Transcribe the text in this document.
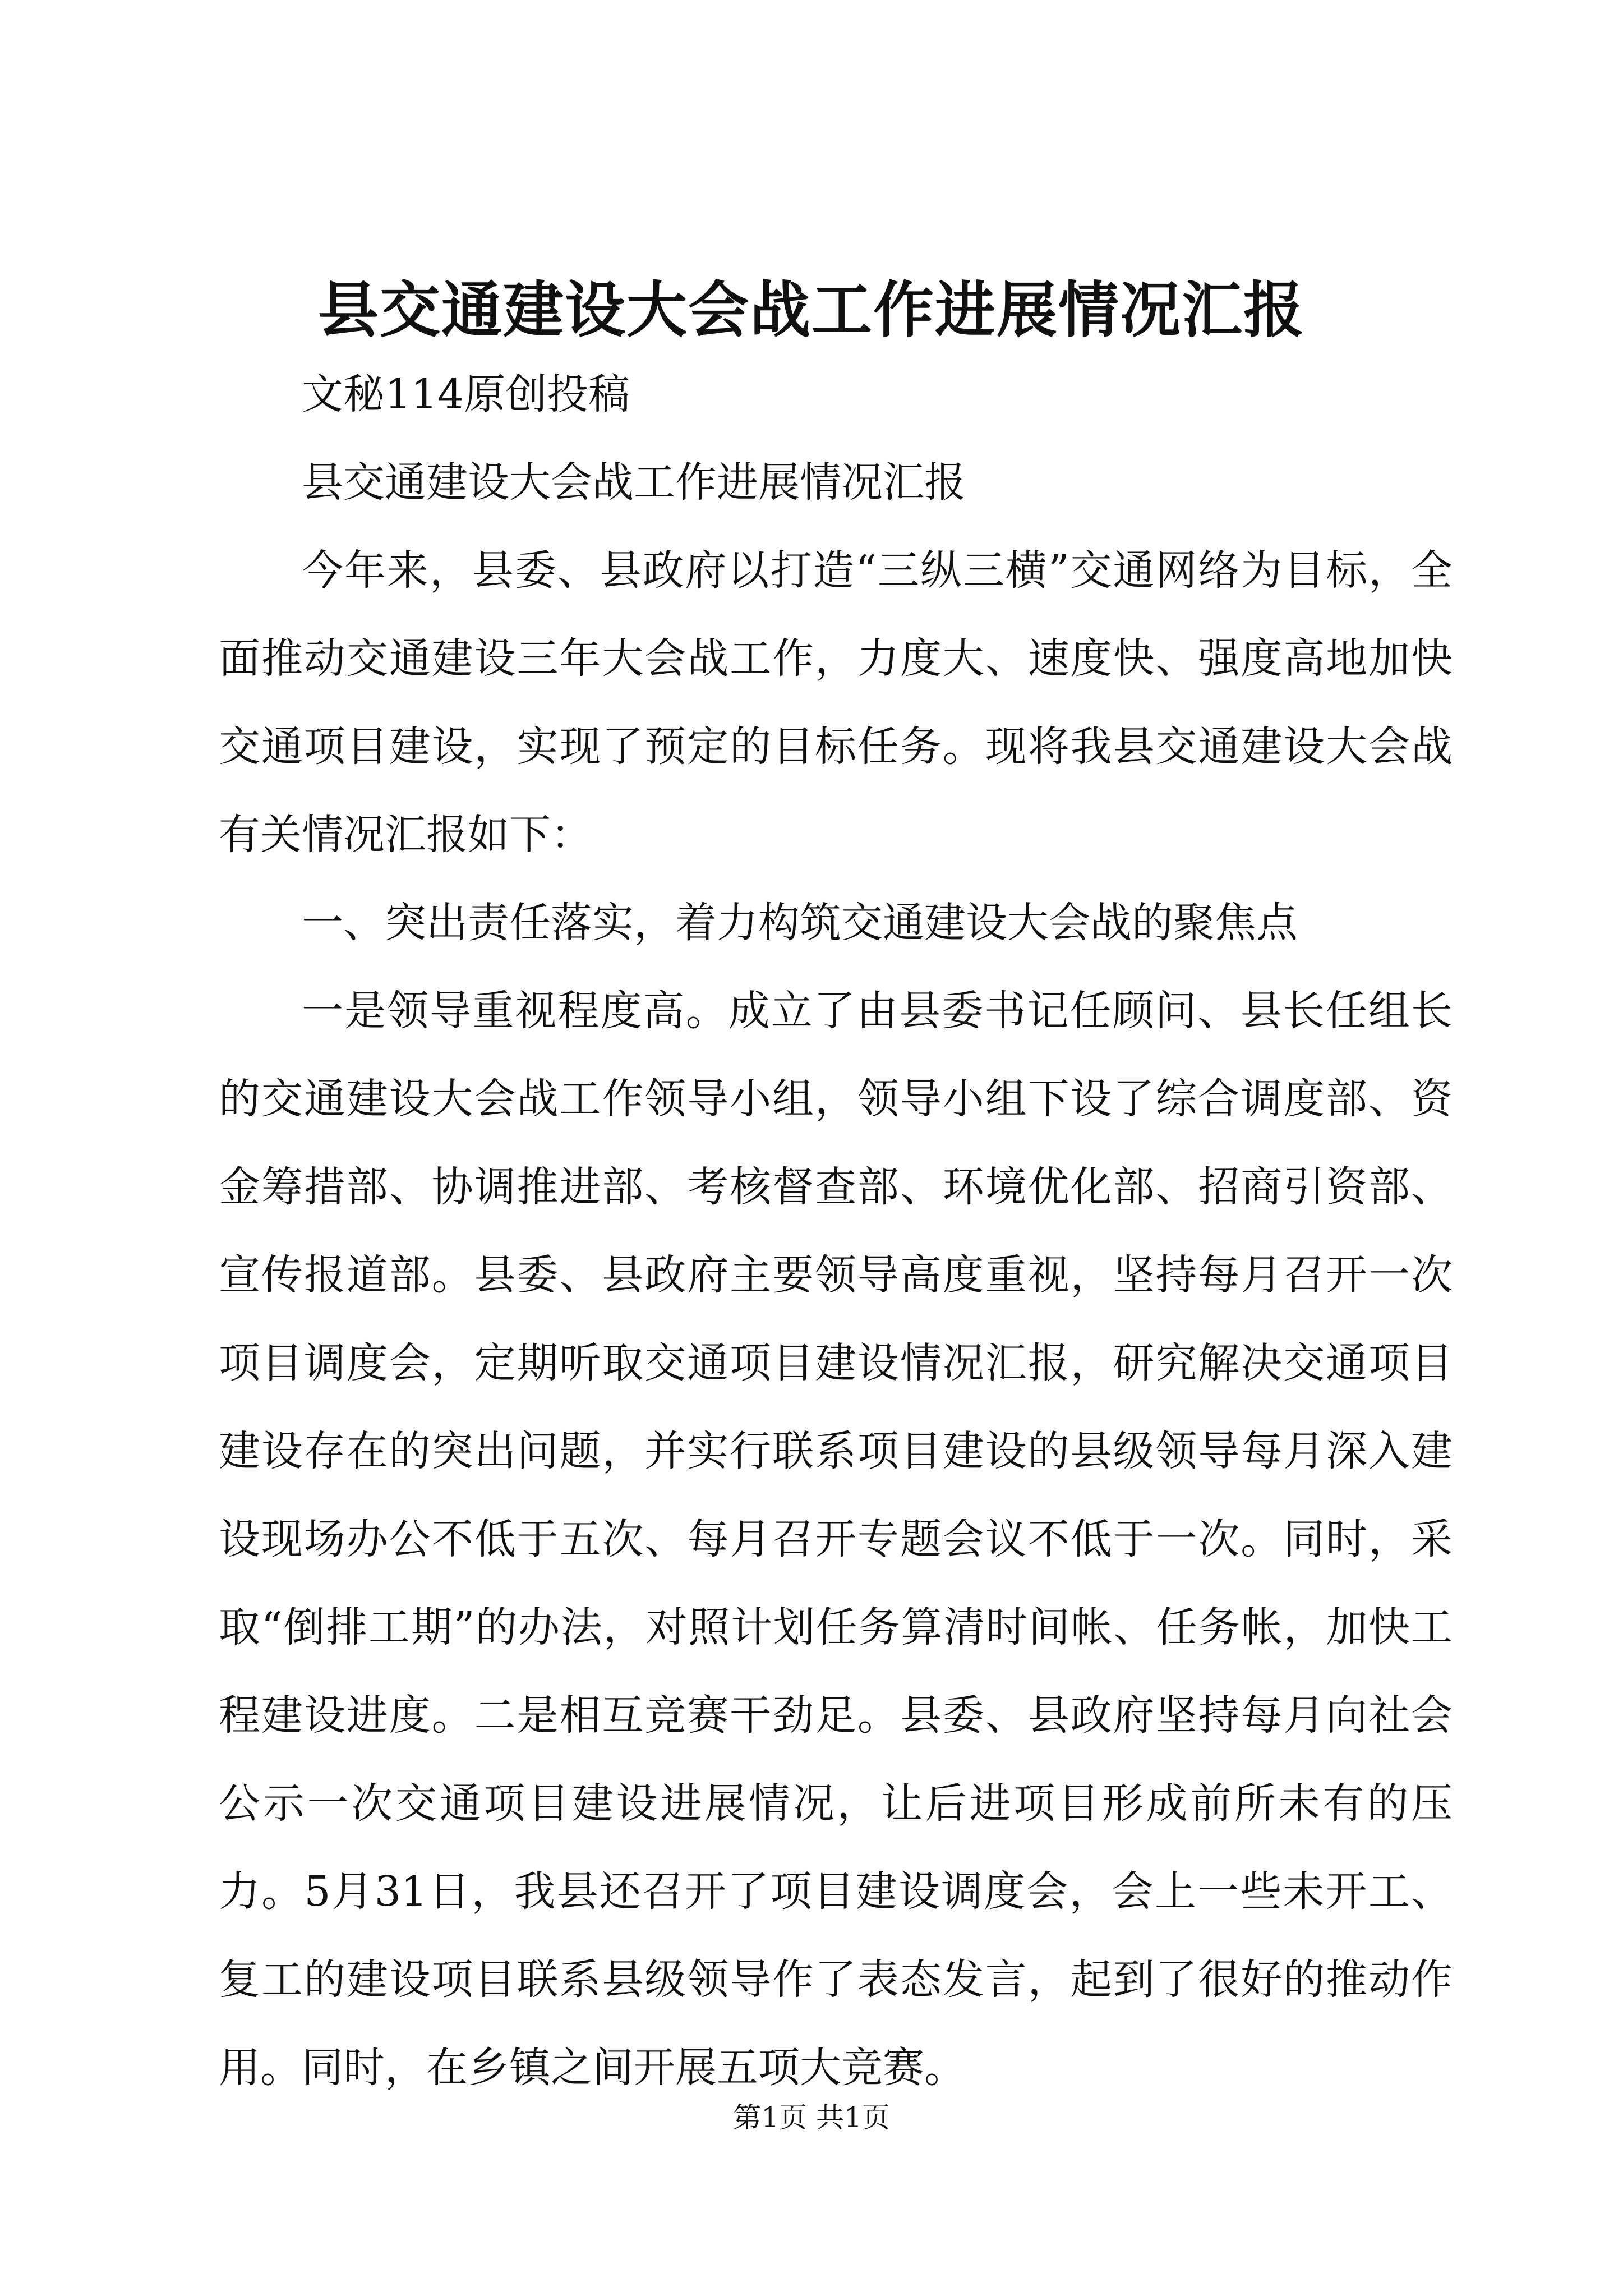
县交通建设大会战工作进展情况汇报

文秘114原创投稿

县交通建设大会战工作进展情况汇报

今年来，县委、县政府以打造“三纵三横”交通网络为目标，全面推动交通建设三年大会战工作，力度大、速度快、强度高地加快交通项目建设，实现了预定的目标任务。现将我县交通建设大会战有关情况汇报如下：

一、突出责任落实，着力构筑交通建设大会战的聚焦点

一是领导重视程度高。成立了由县委书记任顾问、县长任组长的交通建设大会战工作领导小组，领导小组下设了综合调度部、资金筹措部、协调推进部、考核督查部、环境优化部、招商引资部、宣传报道部。县委、县政府主要领导高度重视，坚持每月召开一次项目调度会，定期听取交通项目建设情况汇报，研究解决交通项目建设存在的突出问题，并实行联系项目建设的县级领导每月深入建设现场办公不低于五次、每月召开专题会议不低于一次。同时，采取“倒排工期”的办法，对照计划任务算清时间帐、任务帐，加快工程建设进度。二是相互竞赛干劲足。县委、县政府坚持每月向社会公示一次交通项目建设进展情况，让后进项目形成前所未有的压力。5月31日，我县还召开了项目建设调度会，会上一些未开工、复工的建设项目联系县级领导作了表态发言，起到了很好的推动作用。同时，在乡镇之间开展五项大竞赛。

第1页 共1页
